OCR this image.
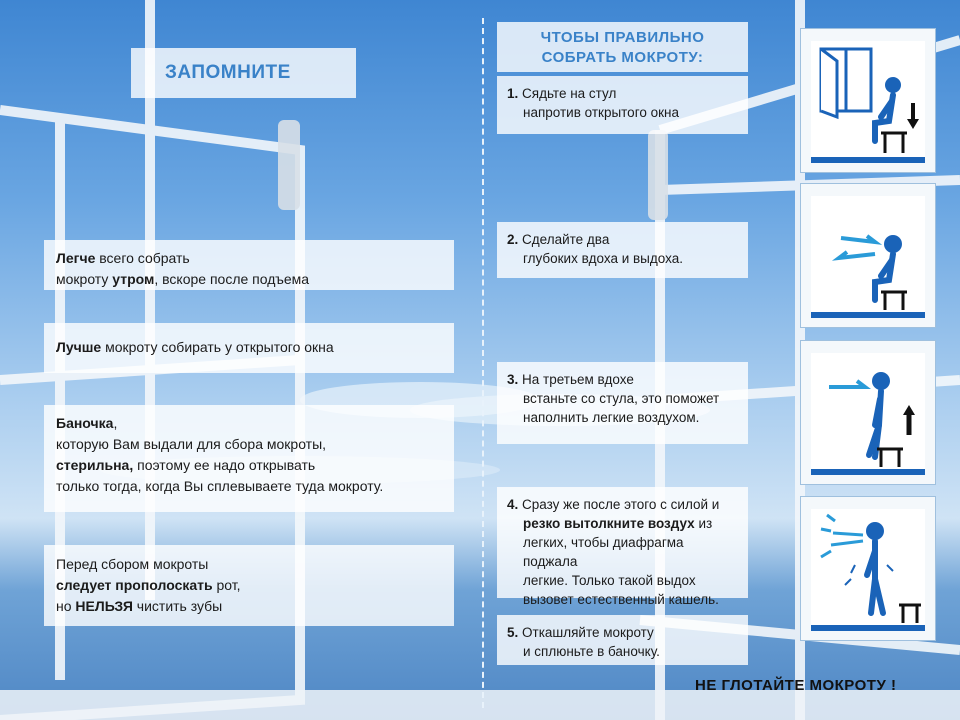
ЗАПОМНИТЕ
Легче всего собрать
мокроту утром, вскоре после подъема
Лучше мокроту собирать у открытого окна
Баночка,
которую Вам выдали для сбора мокроты,
стерильна, поэтому ее надо открывать
только тогда, когда Вы сплевываете туда мокроту.
Перед сбором мокроты
следует прополоскать рот,
но НЕЛЬЗЯ чистить зубы
ЧТОБЫ ПРАВИЛЬНО
СОБРАТЬ МОКРОТУ:
1. Сядьте на стул
напротив открытого окна
2. Сделайте два
глубоких вдоха и выдоха.
3. На третьем вдохе
встаньте со стула, это поможет
наполнить легкие воздухом.
4. Сразу же после этого с силой и
резко вытолкните воздух из
легких, чтобы диафрагма поджала
легкие. Только такой выдох
вызовет естественный кашель.
5. Откашляйте мокроту
и сплюньте в баночку.
НЕ ГЛОТАЙТЕ МОКРОТУ !
